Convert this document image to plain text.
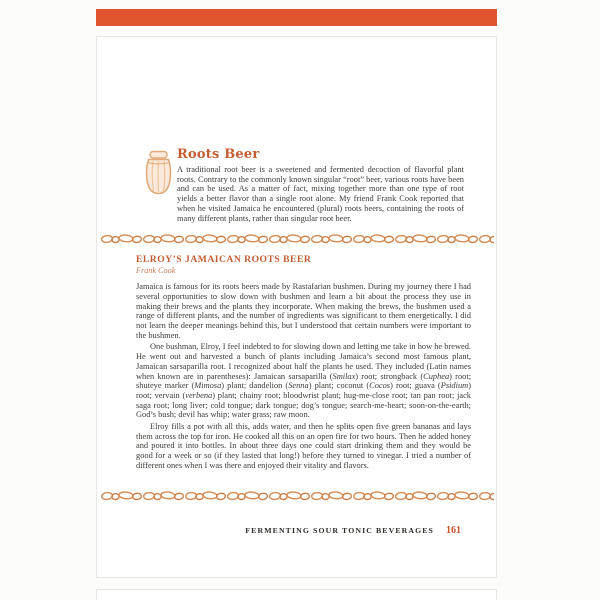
Roots Beer

A traditional root beer is a sweetened and fermented decoction of flavorful plant roots. Contrary to the commonly known singular “root” beer, various roots have been and can be used. As a matter of fact, mixing together more than one type of root yields a better flavor than a single root alone. My friend Frank Cook reported that when he visited Jamaica he encountered (plural) roots beers, containing the roots of many different plants, rather than singular root beer.

ELROY’S JAMAICAN ROOTS BEER
Frank Cook

Jamaica is famous for its roots beers made by Rastafarian bushmen. During my journey there I had several opportunities to slow down with bushmen and learn a bit about the process they use in making their brews and the plants they incorporate. When making the brews, the bushmen used a range of different plants, and the number of ingredients was significant to them energetically. I did not learn the deeper meanings behind this, but I understood that certain numbers were important to the bushmen.

One bushman, Elroy, I feel indebted to for slowing down and letting me take in how he brewed. He went out and harvested a bunch of plants including Jamaica’s second most famous plant, Jamaican sarsaparilla root. I recognized about half the plants he used. They included (Latin names when known are in parentheses): Jamaican sarsaparilla (Smilax) root; strongback (Cuphea) root; shuteye marker (Mimosa) plant; dandelion (Senna) plant; coconut (Cocos) root; guava (Psidium) root; vervain (verbena) plant; chainy root; bloodwrist plant; hug-me-close root; tan pan root; jack saga root; long liver; cold tongue; dark tongue; dog’s tongue; search-me-heart; soon-on-the-earth; God’s bush; devil has whip; water grass; raw moon.

Elroy fills a pot with all this, adds water, and then he splits open five green bananas and lays them across the top for iron. He cooked all this on an open fire for two hours. Then he added honey and poured it into bottles. In about three days one could start drinking them and they would be good for a week or so (if they lasted that long!) before they turned to vinegar. I tried a number of different ones when I was there and enjoyed their vitality and flavors.

FERMENTING SOUR TONIC BEVERAGES 161
